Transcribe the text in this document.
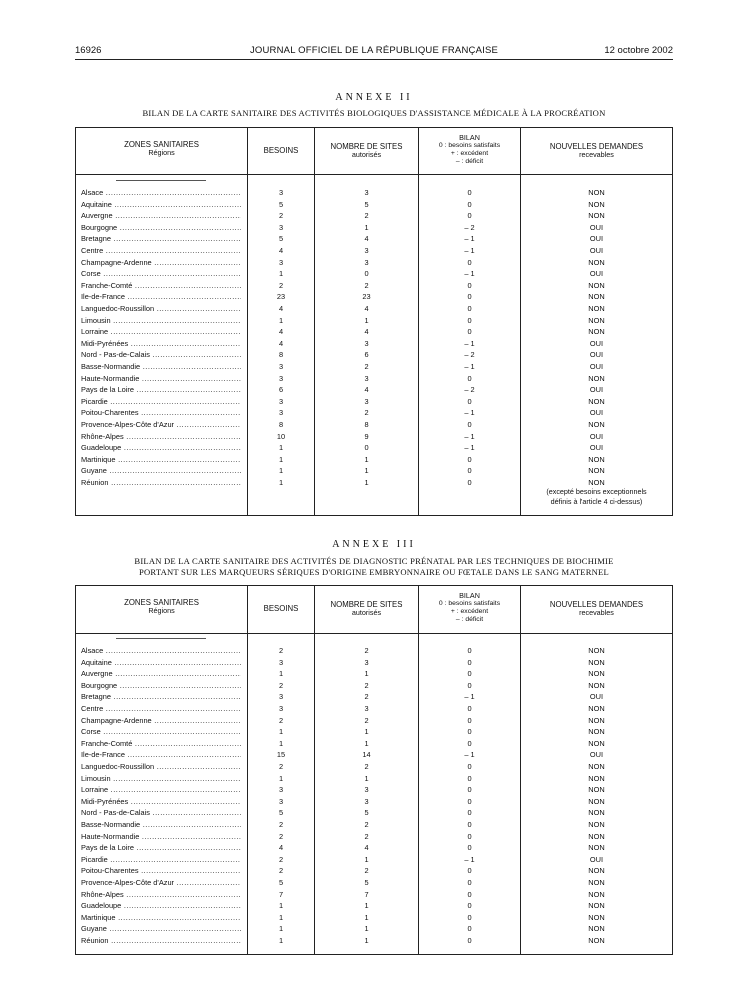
16926	JOURNAL OFFICIEL DE LA RÉPUBLIQUE FRANÇAISE	12 octobre 2002
ANNEXE II
BILAN DE LA CARTE SANITAIRE DES ACTIVITÉS BIOLOGIQUES D'ASSISTANCE MÉDICALE À LA PROCRÉATION
ZONES SANITAIRES
Régions	BESOINS	NOMBRE DE SITES
autorisés
BILAN
0 : besoins satisfaits
+ : excédent
– : déficit
NOUVELLES DEMANDES
recevables
Alsace .....	3	3	0	NON
Aquitaine .....	5	5	0	NON
Auvergne .....	2	2	0	NON
Bourgogne .....	3	1	– 2	OUI
Bretagne .....	5	4	– 1	OUI
Centre .....	4	3	– 1	OUI
Champagne-Ardenne .....	3	3	0	NON
Corse .....	1	0	– 1	OUI
Franche-Comté .....	2	2	0	NON
Ile-de-France .....	23	23	0	NON
Languedoc-Roussillon .....	4	4	0	NON
Limousin .....	1	1	0	NON
Lorraine .....	4	4	0	NON
Midi-Pyrénées .....	4	3	– 1	OUI
Nord - Pas-de-Calais .....	8	6	– 2	OUI
Basse-Normandie .....	3	2	– 1	OUI
Haute-Normandie .....	3	3	0	NON
Pays de la Loire .....	6	4	– 2	OUI
Picardie .....	3	3	0	NON
Poitou-Charentes .....	3	2	– 1	OUI
Provence-Alpes-Côte d'Azur .....	8	8	0	NON
Rhône-Alpes .....	10	9	– 1	OUI
Guadeloupe .....	1	0	– 1	OUI
Martinique .....	1	1	0	NON
Guyane .....	1	1	0	NON
Réunion .....	1	1	0	NON
(excepté besoins exceptionnels
définis à l'article 4 ci-dessus)
ANNEXE III
BILAN DE LA CARTE SANITAIRE DES ACTIVITÉS DE DIAGNOSTIC PRÉNATAL PAR LES TECHNIQUES DE BIOCHIMIE
PORTANT SUR LES MARQUEURS SÉRIQUES D'ORIGINE EMBRYONNAIRE OU FŒTALE DANS LE SANG MATERNEL
ZONES SANITAIRES
Régions	BESOINS	NOMBRE DE SITES
autorisés
BILAN
0 : besoins satisfaits
+ : excédent
– : déficit
NOUVELLES DEMANDES
recevables
Alsace .....	2	2	0	NON
Aquitaine .....	3	3	0	NON
Auvergne .....	1	1	0	NON
Bourgogne .....	2	2	0	NON
Bretagne .....	3	2	– 1	OUI
Centre .....	3	3	0	NON
Champagne-Ardenne .....	2	2	0	NON
Corse .....	1	1	0	NON
Franche-Comté .....	1	1	0	NON
Ile-de-France .....	15	14	– 1	OUI
Languedoc-Roussillon .....	2	2	0	NON
Limousin .....	1	1	0	NON
Lorraine .....	3	3	0	NON
Midi-Pyrénées .....	3	3	0	NON
Nord - Pas-de-Calais .....	5	5	0	NON
Basse-Normandie .....	2	2	0	NON
Haute-Normandie .....	2	2	0	NON
Pays de la Loire .....	4	4	0	NON
Picardie .....	2	1	– 1	OUI
Poitou-Charentes .....	2	2	0	NON
Provence-Alpes-Côte d'Azur .....	5	5	0	NON
Rhône-Alpes .....	7	7	0	NON
Guadeloupe .....	1	1	0	NON
Martinique .....	1	1	0	NON
Guyane .....	1	1	0	NON
Réunion .....	1	1	0	NON
